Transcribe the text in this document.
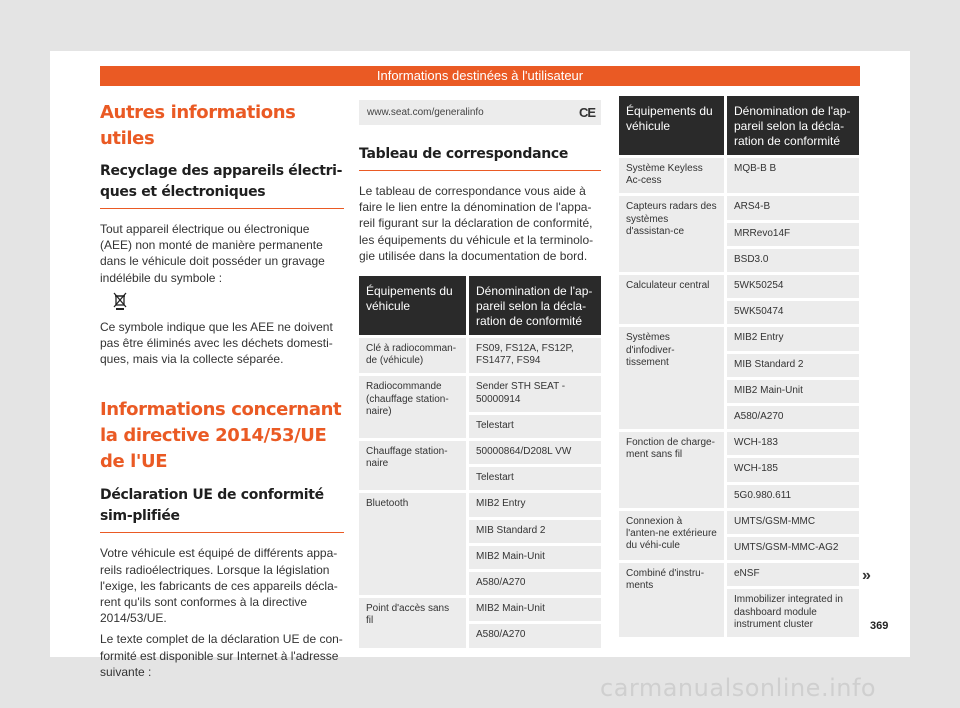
Informations destinées à l'utilisateur
Autres informations utiles
Recyclage des appareils électri-ques et électroniques
Tout appareil électrique ou électronique (AEE) non monté de manière permanente dans le véhicule doit posséder un gravage indélébile du symbole :
Ce symbole indique que les AEE ne doivent pas être éliminés avec les déchets domesti-ques, mais via la collecte séparée.
Informations concernant la directive 2014/53/UE de l'UE
Déclaration UE de conformité sim-plifiée
Votre véhicule est équipé de différents appa-reils radioélectriques. Lorsque la législation l'exige, les fabricants de ces appareils décla-rent qu'ils sont conformes à la directive 2014/53/UE.
Le texte complet de la déclaration UE de con-formité est disponible sur Internet à l'adresse suivante :
www.seat.com/generalinfo	CE
Tableau de correspondance
Le tableau de correspondance vous aide à faire le lien entre la dénomination de l'appa-reil figurant sur la déclaration de conformité, les équipements du véhicule et la terminolo-gie utilisée dans la documentation de bord.
Équipements du véhicule	Dénomination de l'ap-pareil selon la décla-ration de conformité
Clé à radiocomman-de (véhicule)	FS09, FS12A, FS12P, FS1477, FS94
Radiocommande (chauffage station-naire)	Sender STH SEAT - 50000914
	Telestart
Chauffage station-naire	50000864/D208L VW
	Telestart
Bluetooth	MIB2 Entry
	MIB Standard 2
	MIB2 Main-Unit
	A580/A270
Point d'accès sans fil	MIB2 Main-Unit
	A580/A270
Équipements du véhicule	Dénomination de l'ap-pareil selon la décla-ration de conformité
Système Keyless Ac-cess	MQB-B B
Capteurs radars des systèmes d'assistan-ce	ARS4-B
	MRRevo14F
	BSD3.0
Calculateur central	5WK50254
	5WK50474
Systèmes d'infodiver-tissement	MIB2 Entry
	MIB Standard 2
	MIB2 Main-Unit
	A580/A270
Fonction de charge-ment sans fil	WCH-183
	WCH-185
	5G0.980.611
Connexion à l'anten-ne extérieure du véhi-cule	UMTS/GSM-MMC
	UMTS/GSM-MMC-AG2
Combiné d'instru-ments	eNSF
	Immobilizer integrated in dashboard module instrument cluster
»
369
carmanualsonline.info
